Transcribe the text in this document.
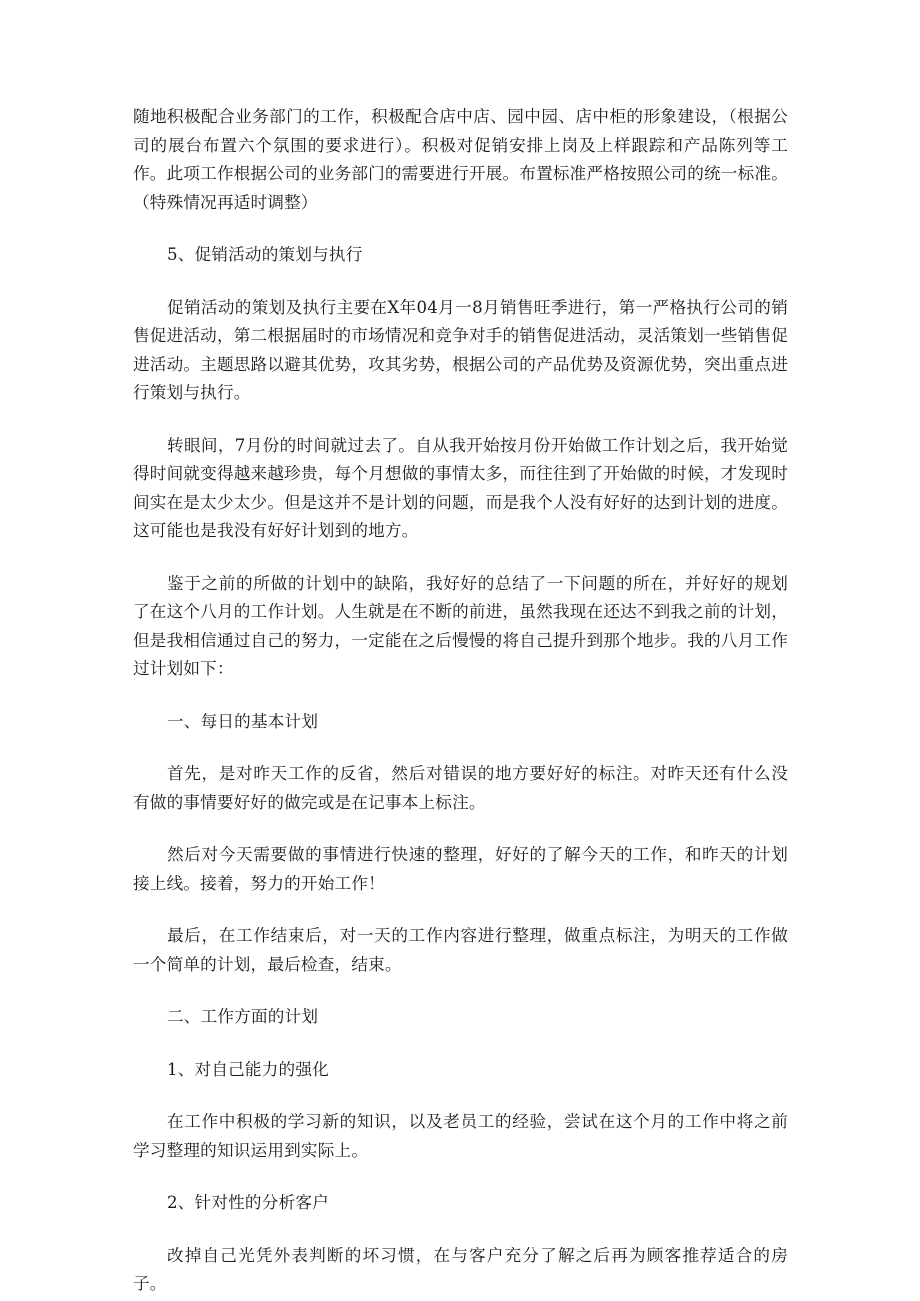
随地积极配合业务部门的工作，积极配合店中店、园中园、店中柜的形象建设，（根据公司的展台布置六个氛围的要求进行）。积极对促销安排上岗及上样跟踪和产品陈列等工作。此项工作根据公司的业务部门的需要进行开展。布置标准严格按照公司的统一标准。（特殊情况再适时调整）

5、促销活动的策划与执行

促销活动的策划及执行主要在X年04月一8月销售旺季进行，第一严格执行公司的销售促进活动，第二根据届时的市场情况和竞争对手的销售促进活动，灵活策划一些销售促进活动。主题思路以避其优势，攻其劣势，根据公司的产品优势及资源优势，突出重点进行策划与执行。

转眼间，7月份的时间就过去了。自从我开始按月份开始做工作计划之后，我开始觉得时间就变得越来越珍贵，每个月想做的事情太多，而往往到了开始做的时候，才发现时间实在是太少太少。但是这并不是计划的问题，而是我个人没有好好的达到计划的进度。这可能也是我没有好好计划到的地方。

鉴于之前的所做的计划中的缺陷，我好好的总结了一下问题的所在，并好好的规划了在这个八月的工作计划。人生就是在不断的前进，虽然我现在还达不到我之前的计划，但是我相信通过自己的努力，一定能在之后慢慢的将自己提升到那个地步。我的八月工作过计划如下：

一、每日的基本计划

首先，是对昨天工作的反省，然后对错误的地方要好好的标注。对昨天还有什么没有做的事情要好好的做完或是在记事本上标注。

然后对今天需要做的事情进行快速的整理，好好的了解今天的工作，和昨天的计划接上线。接着，努力的开始工作！

最后，在工作结束后，对一天的工作内容进行整理，做重点标注，为明天的工作做一个简单的计划，最后检查，结束。

二、工作方面的计划

1、对自己能力的强化

在工作中积极的学习新的知识，以及老员工的经验，尝试在这个月的工作中将之前学习整理的知识运用到实际上。

2、针对性的分析客户

改掉自己光凭外表判断的坏习惯，在与客户充分了解之后再为顾客推荐适合的房子。
